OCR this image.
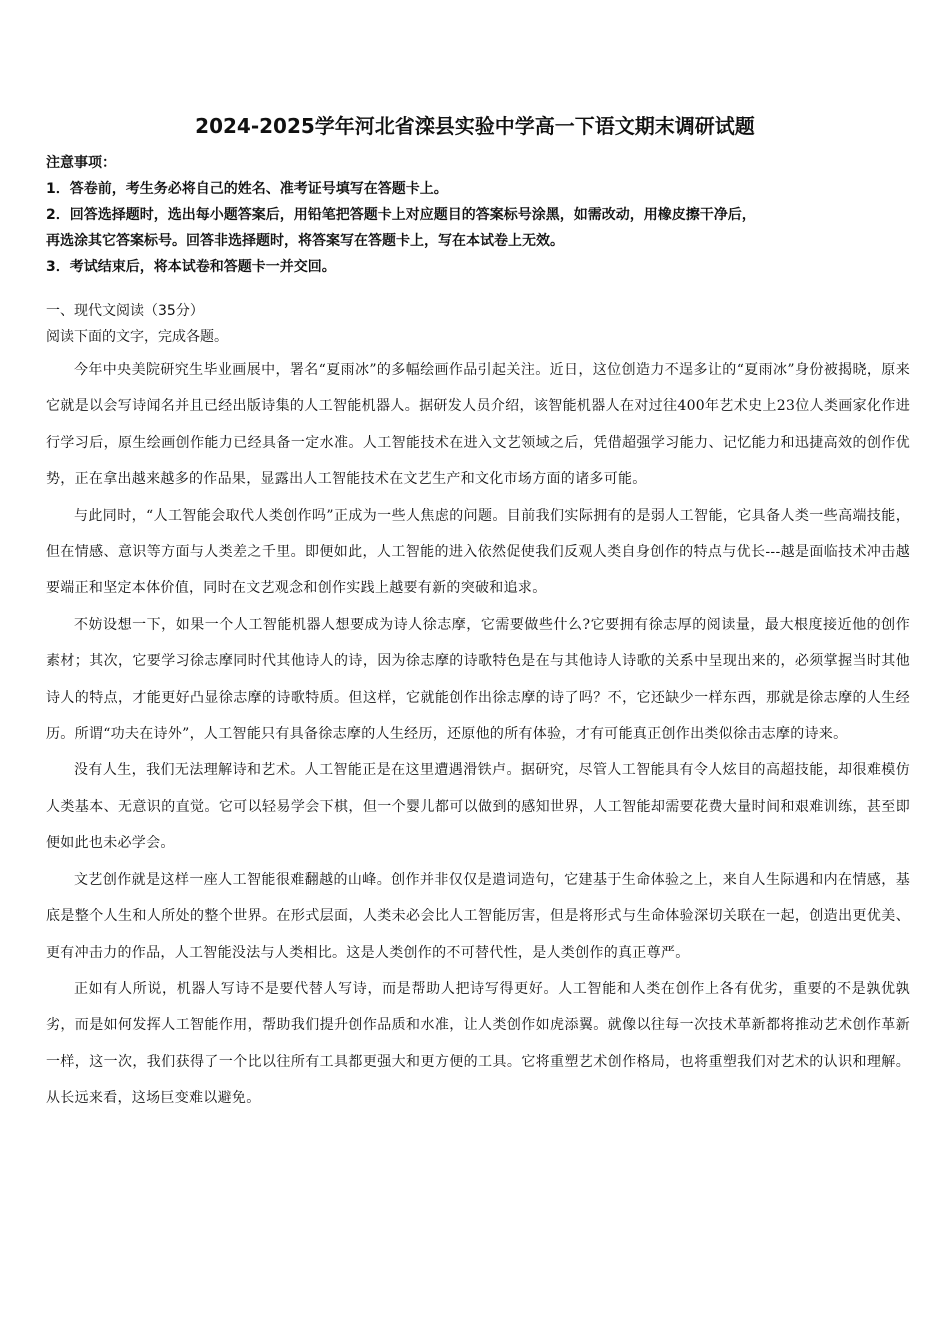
2024-2025学年河北省滦县实验中学高一下语文期末调研试题
注意事项：
1．答卷前，考生务必将自己的姓名、准考证号填写在答题卡上。
2．回答选择题时，选出每小题答案后，用铅笔把答题卡上对应题目的答案标号涂黑，如需改动，用橡皮擦干净后，
再选涂其它答案标号。回答非选择题时，将答案写在答题卡上，写在本试卷上无效。
3．考试结束后，将本试卷和答题卡一并交回。
一、现代文阅读（35分）
阅读下面的文字，完成各题。

今年中央美院研究生毕业画展中，署名“夏雨冰”的多幅绘画作品引起关注。近日，这位创造力不逞多让的“夏雨冰”身份被揭晓，原来它就是以会写诗闻名并且已经出版诗集的人工智能机器人。据研发人员介绍，该智能机器人在对过往400年艺术史上23位人类画家化作进行学习后，原生绘画创作能力已经具备一定水准。人工智能技术在进入文艺领域之后，凭借超强学习能力、记忆能力和迅捷高效的创作优势，正在拿出越来越多的作品果，显露出人工智能技术在文艺生产和文化市场方面的诸多可能。

与此同时，“人工智能会取代人类创作吗”正成为一些人焦虑的问题。目前我们实际拥有的是弱人工智能，它具备人类一些高端技能，但在情感、意识等方面与人类差之千里。即便如此，人工智能的进入依然促使我们反观人类自身创作的特点与优长---越是面临技术冲击越要端正和坚定本体价值，同时在文艺观念和创作实践上越要有新的突破和追求。

不妨设想一下，如果一个人工智能机器人想要成为诗人徐志摩，它需要做些什么?它要拥有徐志厚的阅读量，最大根度接近他的创作素材；其次，它要学习徐志摩同时代其他诗人的诗，因为徐志摩的诗歌特色是在与其他诗人诗歌的关系中呈现出来的，必须掌握当时其他诗人的特点，才能更好凸显徐志摩的诗歌特质。但这样，它就能创作出徐志摩的诗了吗？不，它还缺少一样东西，那就是徐志摩的人生经历。所谓“功夫在诗外”，人工智能只有具备徐志摩的人生经历，还原他的所有体验，才有可能真正创作出类似徐击志摩的诗来。

没有人生，我们无法理解诗和艺术。人工智能正是在这里遭遇滑铁卢。据研究，尽管人工智能具有令人炫目的高超技能，却很难模仿人类基本、无意识的直觉。它可以轻易学会下棋，但一个婴儿都可以做到的感知世界，人工智能却需要花费大量时间和艰难训练，甚至即便如此也未必学会。

文艺创作就是这样一座人工智能很难翻越的山峰。创作并非仅仅是遣词造句，它建基于生命体验之上，来自人生际遇和内在情感，基底是整个人生和人所处的整个世界。在形式层面，人类未必会比人工智能厉害，但是将形式与生命体验深切关联在一起，创造出更优美、更有冲击力的作品，人工智能没法与人类相比。这是人类创作的不可替代性，是人类创作的真正尊严。

正如有人所说，机器人写诗不是要代替人写诗，而是帮助人把诗写得更好。人工智能和人类在创作上各有优劣，重要的不是孰优孰劣，而是如何发挥人工智能作用，帮助我们提升创作品质和水准，让人类创作如虎添翼。就像以往每一次技术革新都将推动艺术创作革新一样，这一次，我们获得了一个比以往所有工具都更强大和更方便的工具。它将重塑艺术创作格局，也将重塑我们对艺术的认识和理解。从长远来看，这场巨变难以避免。
